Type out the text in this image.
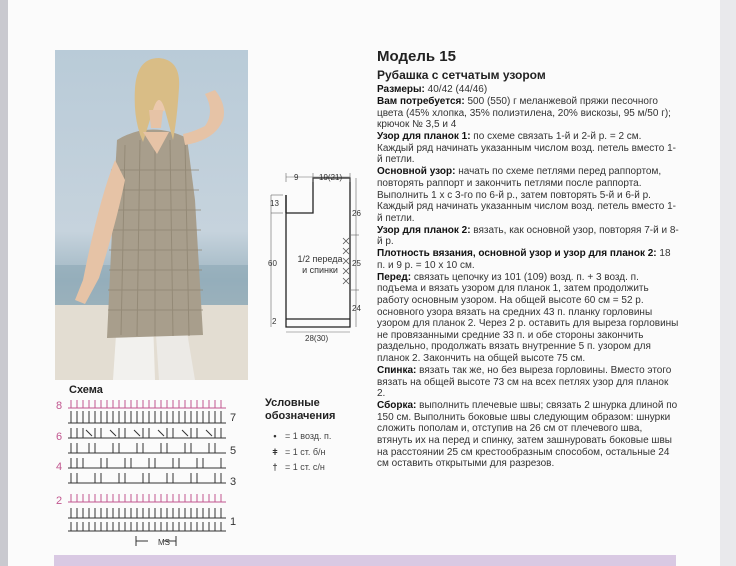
Модель 15
Рубашка с сетчатым узором

Размеры: 40/42 (44/46)

Вам потребуется: 500 (550) г меланжевой пряжи песочного цвета (45% хлопка, 35% полиэтилена, 20% вискозы, 95 м/50 г); крючок № 3,5 и 4

Узор для планок 1: по схеме связать 1-й и 2-й р. = 2 см. Каждый ряд начинать указанным числом возд. петель вместо 1-й петли.

Основной узор: начать по схеме петлями перед раппортом, повторять раппорт и закончить петлями после раппорта. Выполнить 1 х с 3-го по 6-й р., затем повторять 5-й и 6-й р. Каждый ряд начинать указанным числом возд. петель вместо 1-й петли.

Узор для планок 2: вязать, как основной узор, повторяя 7-й и 8-й р.

Плотность вязания, основной узор и узор для планок 2: 18 п. и 9 р. = 10 х 10 см.

Перед: связать цепочку из 101 (109) возд. п. + 3 возд. п. подъема и вязать узором для планок 1, затем продолжить работу основным узором. На общей высоте 60 см = 52 р. основного узора вязать на средних 43 п. планку горловины узором для планок 2. Через 2 р. оставить для выреза горловины не провязанными средние 33 п. и обе стороны закончить раздельно, продолжать вязать внутренние 5 п. узором для планок 2. Закончить на общей высоте 75 см.

Спинка: вязать так же, но без выреза горловины. Вместо этого вязать на общей высоте 73 см на всех петлях узор для планок 2.

Сборка: выполнить плечевые швы; связать 2 шнурка длиной по 150 см. Выполнить боковые швы следующим образом: шнурки сложить пополам и, отступив на 26 см от плечевого шва, втянуть их на перед и спинку, затем зашнуровать боковые швы на расстоянии 25 см крестообразным способом, остальные 24 см оставить открытыми для разрезов.

9	19(21)
13
60
2
26
25
24
28(30)
1/2 переда
и спинки
Схема
8
6
4
2
7
5
3
1
MS
Условные обозначения
• = 1 возд. п.
ǂ = 1 ст. б/н
† = 1 ст. с/н
